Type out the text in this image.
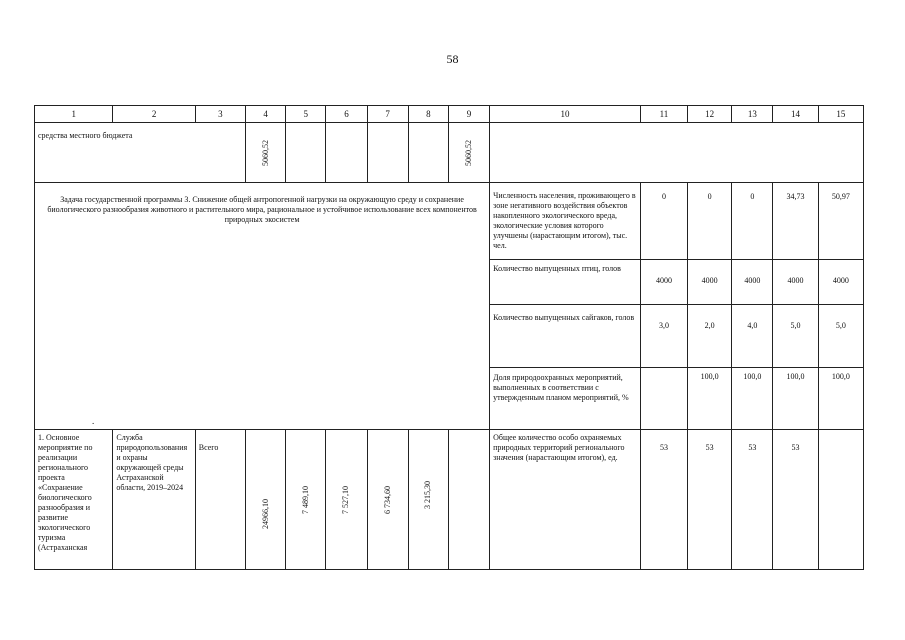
58
1	2	3	4	5	6	7	8	9	10	11	12	13	14	15
средства местного бюджета			5060,52					5060,52						

Задача государственной программы 3. Снижение общей антропогенной нагрузки на окружающую среду и сохранение биологического разнообразия животного и растительного мира, рациональное и устойчивое использование всех компонентов природных экосистем									Численность населения, проживающего в зоне негативного воздействия объектов накопленного экологического вреда, экологические условия которого улучшены (нарастающим итогом), тыс. чел.	0	0	0	34,73	50,97
									Количество выпущенных птиц, голов	4000	4000	4000	4000	4000
									Количество выпущенных сайгаков, голов	3,0	2,0	4,0	5,0	5,0
									Доля природоохранных мероприятий, выполненных в соответствии с утвержденным планом мероприятий, %		100,0	100,0	100,0	100,0
1. Основное мероприятие по реализации регионального проекта «Сохранение биологического разнообразия и развитие экологического туризма (Астраханская	Служба природопользования и охраны окружающей среды Астраханской области, 2019–2024	Всего	24966,10	7 489,10	7 527,10	6 734,60	3 215,30		Общее количество особо охраняемых природных территорий регионального значения (нарастающим итогом), ед.	53	53	53	53	
.
